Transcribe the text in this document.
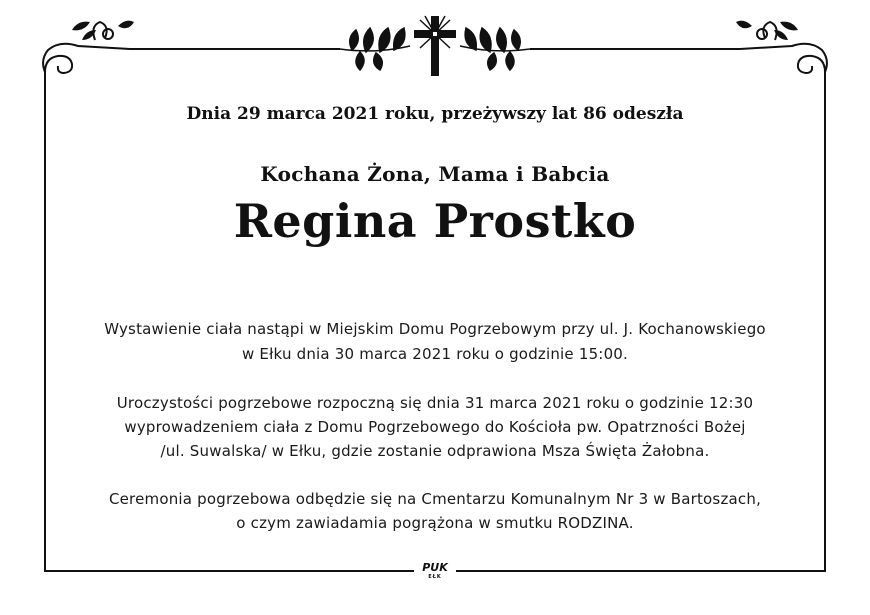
Dnia 29 marca 2021 roku, przeżywszy lat 86 odeszła
Kochana Żona, Mama i Babcia
Regina Prostko
Wystawienie ciała nastąpi w Miejskim Domu Pogrzebowym przy ul. J. Kochanowskiego
w Ełku dnia 30 marca 2021 roku o godzinie 15:00.
Uroczystości pogrzebowe rozpoczną się dnia 31 marca 2021 roku o godzinie 12:30
wyprowadzeniem ciała z Domu Pogrzebowego do Kościoła pw. Opatrzności Bożej
/ul. Suwalska/ w Ełku, gdzie zostanie odprawiona Msza Święta Żałobna.
Ceremonia pogrzebowa odbędzie się na Cmentarzu Komunalnym Nr 3 w Bartoszach,
o czym zawiadamia pogrążona w smutku RODZINA.
PUK
EŁK
